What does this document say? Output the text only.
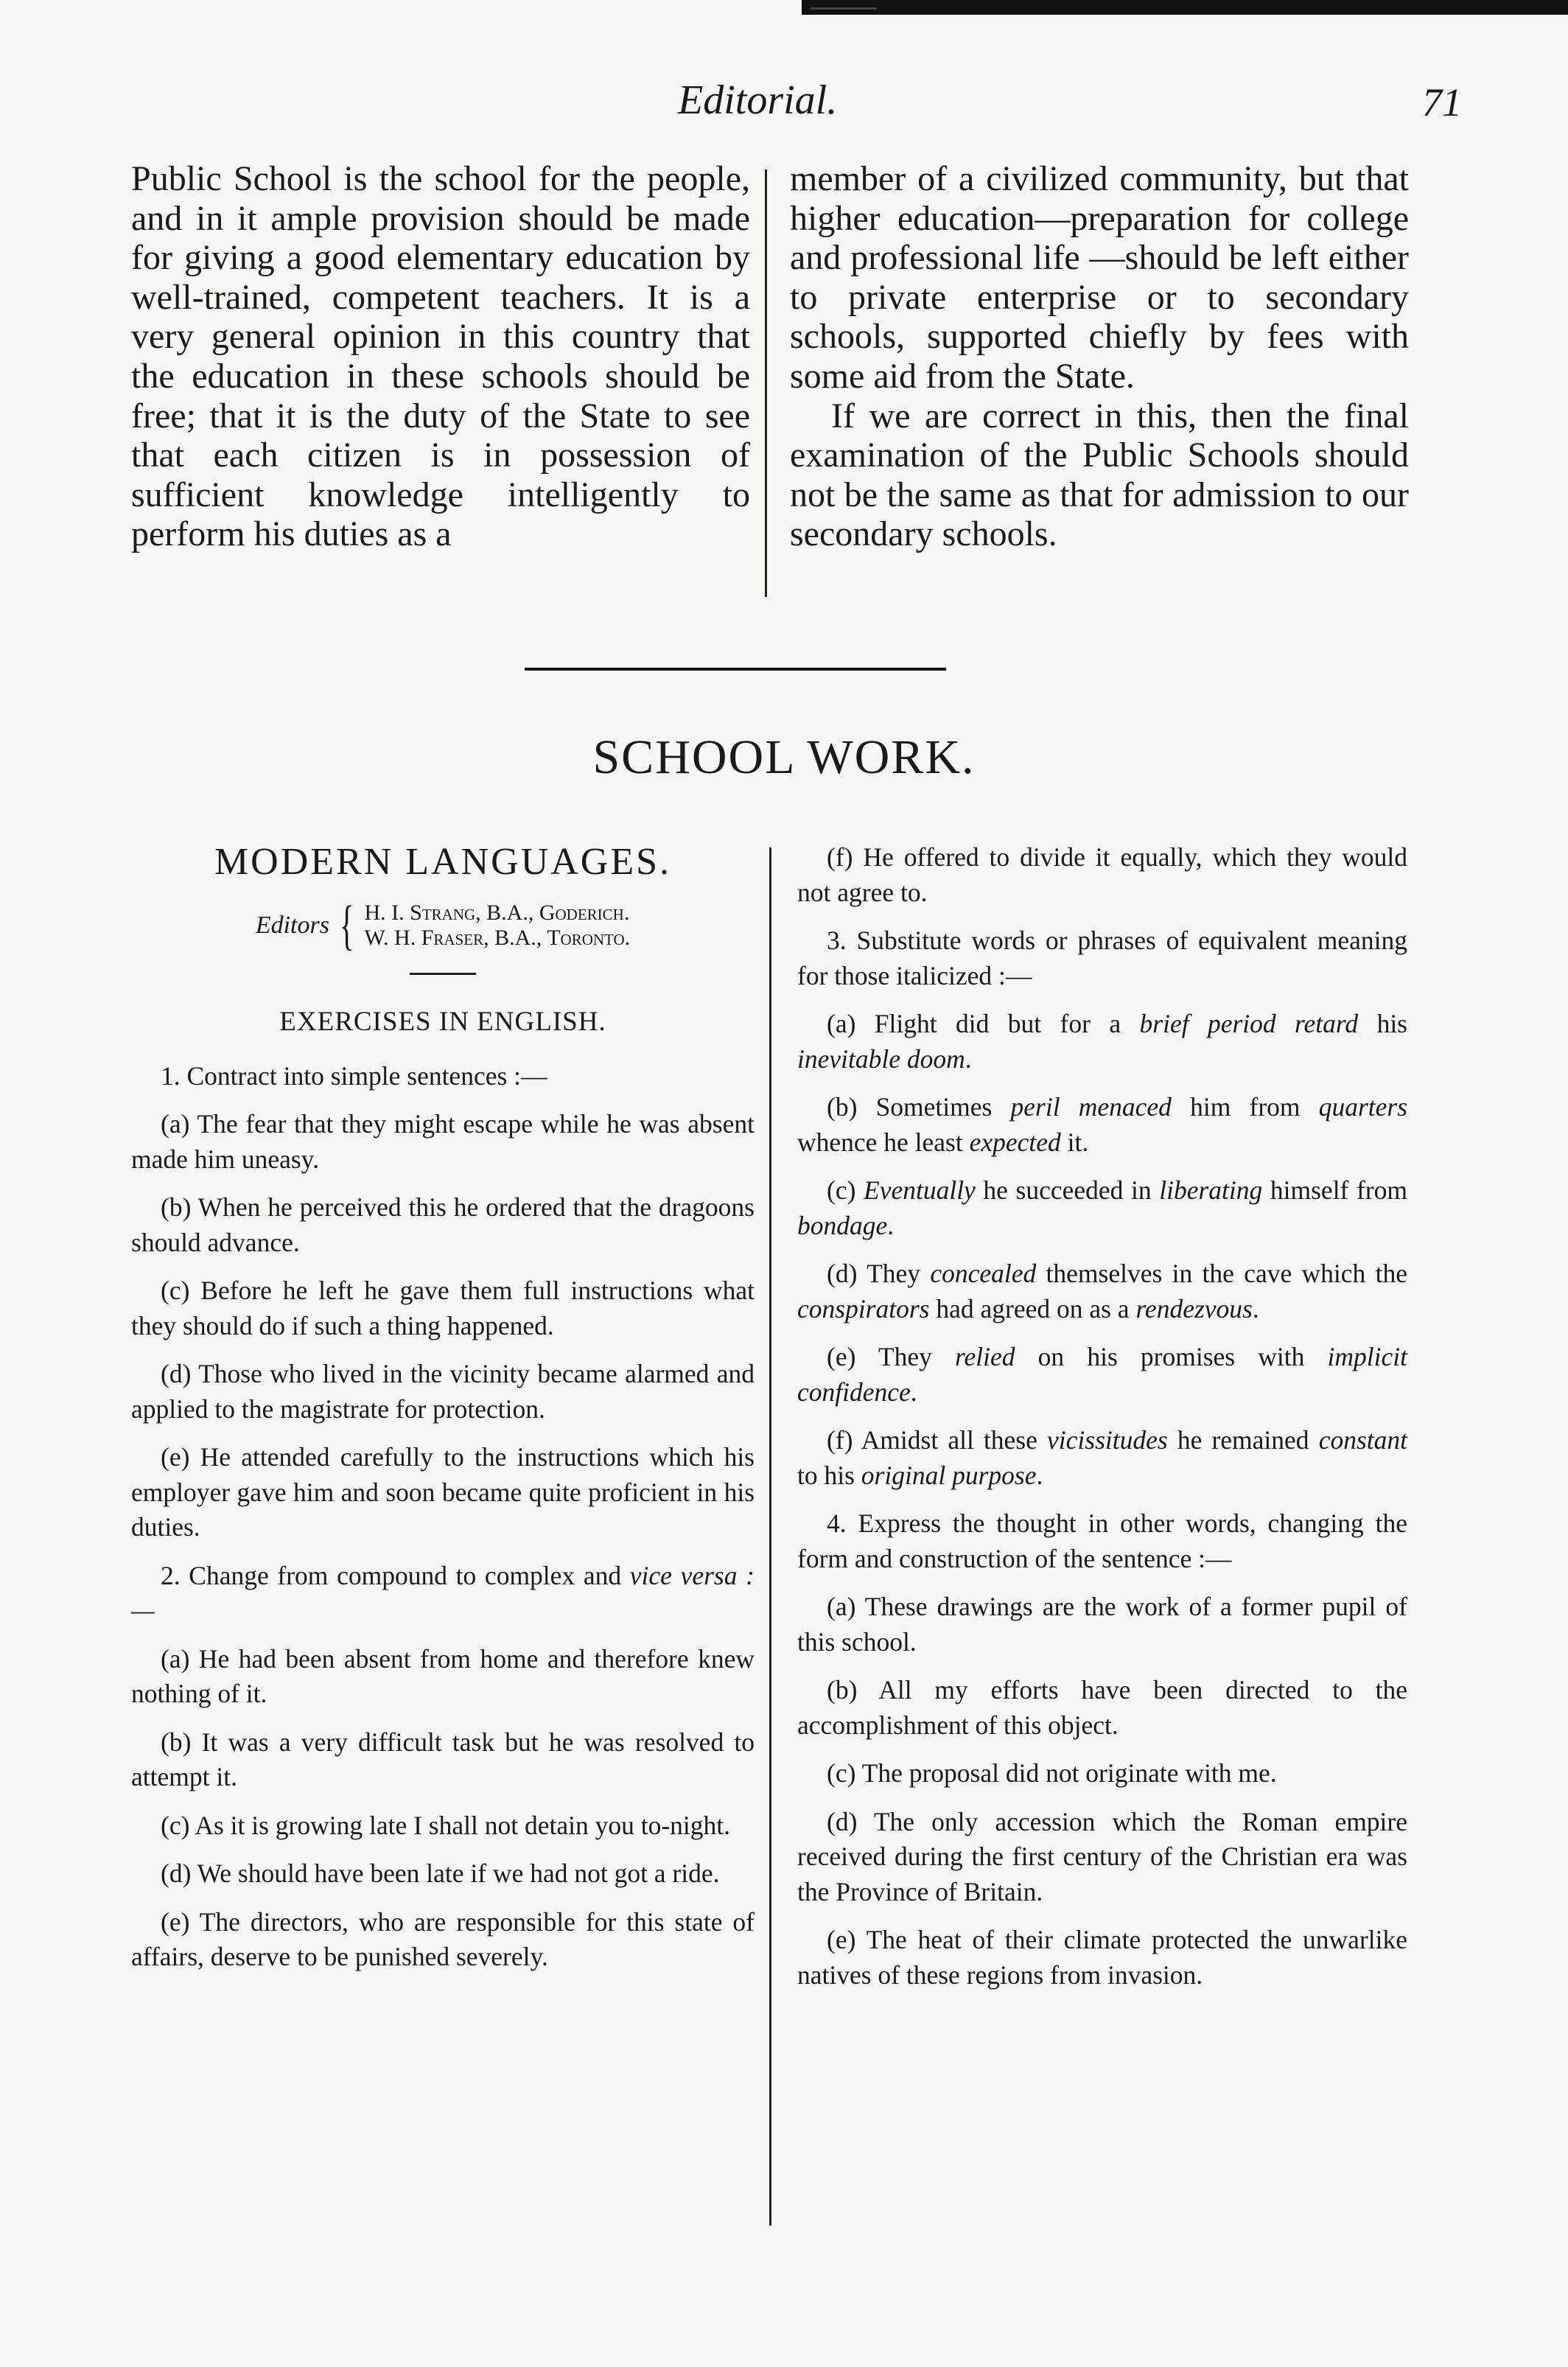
Editorial.	71

Public School is the school for the people, and in it ample provision should be made for giving a good elementary education by well-trained, competent teachers. It is a very general opinion in this country that the education in these schools should be free; that it is the duty of the State to see that each citizen is in possession of sufficient knowledge intelligently to perform his duties as a

member of a civilized community, but that higher education—preparation for college and professional life —should be left either to private enterprise or to secondary schools, supported chiefly by fees with some aid from the State.

If we are correct in this, then the final examination of the Public Schools should not be the same as that for admission to our secondary schools.

SCHOOL WORK.
MODERN LANGUAGES.
Editors { H. I. Strang, B.A., Goderich.
W. H. Fraser, B.A., Toronto.
EXERCISES IN ENGLISH.

1. Contract into simple sentences :—

(a) The fear that they might escape while he was absent made him uneasy.

(b) When he perceived this he ordered that the dragoons should advance.

(c) Before he left he gave them full instructions what they should do if such a thing happened.

(d) Those who lived in the vicinity became alarmed and applied to the magistrate for protection.

(e) He attended carefully to the instructions which his employer gave him and soon became quite proficient in his duties.

2. Change from compound to complex and vice versa :—

(a) He had been absent from home and therefore knew nothing of it.

(b) It was a very difficult task but he was resolved to attempt it.

(c) As it is growing late I shall not detain you to-night.

(d) We should have been late if we had not got a ride.

(e) The directors, who are responsible for this state of affairs, deserve to be punished severely.

(f) He offered to divide it equally, which they would not agree to.

3. Substitute words or phrases of equivalent meaning for those italicized :—

(a) Flight did but for a brief period retard his inevitable doom.

(b) Sometimes peril menaced him from quarters whence he least expected it.

(c) Eventually he succeeded in liberating himself from bondage.

(d) They concealed themselves in the cave which the conspirators had agreed on as a rendezvous.

(e) They relied on his promises with implicit confidence.

(f) Amidst all these vicissitudes he remained constant to his original purpose.

4. Express the thought in other words, changing the form and construction of the sentence :—

(a) These drawings are the work of a former pupil of this school.

(b) All my efforts have been directed to the accomplishment of this object.

(c) The proposal did not originate with me.

(d) The only accession which the Roman empire received during the first century of the Christian era was the Province of Britain.

(e) The heat of their climate protected the unwarlike natives of these regions from invasion.
